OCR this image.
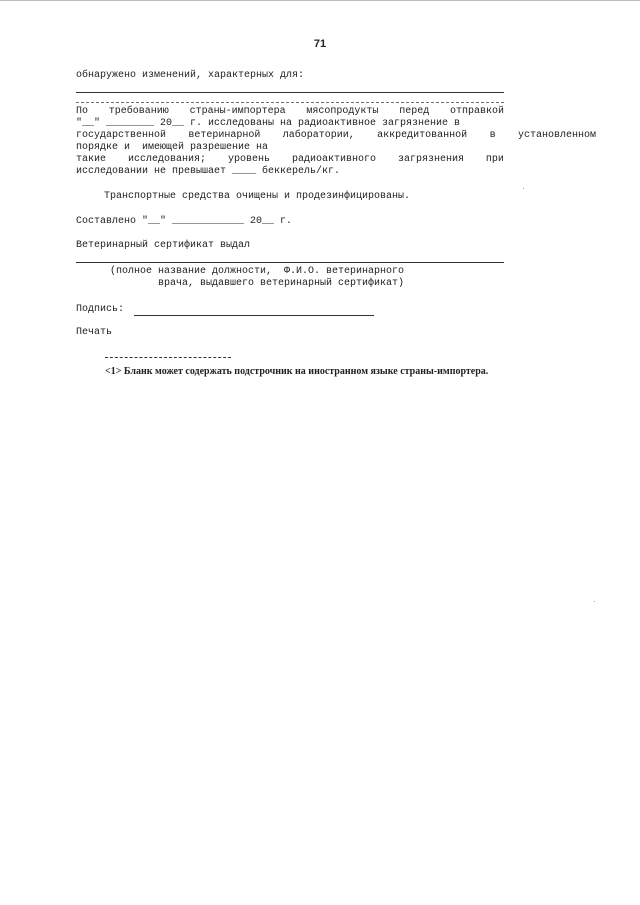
71
обнаружено изменений, характерных для:
По требованию страны-импортера мясопродукты перед отправкой
"__" ________ 20__ г. исследованы на радиоактивное загрязнение в
государственной ветеринарной лаборатории, аккредитованной в установленном
порядке и  имеющей разрешение на
такие исследования; уровень радиоактивного загрязнения при
исследовании не превышает ____ беккерель/кг.
Транспортные средства очищены и продезинфицированы.
Составлено "__" ____________ 20__ г.
Ветеринарный сертификат выдал
(полное название должности,  Ф.И.О. ветеринарного
врача, выдавшего ветеринарный сертификат)
Подпись:
Печать
<1> Бланк может содержать подстрочник на иностранном языке страны-импортера.
